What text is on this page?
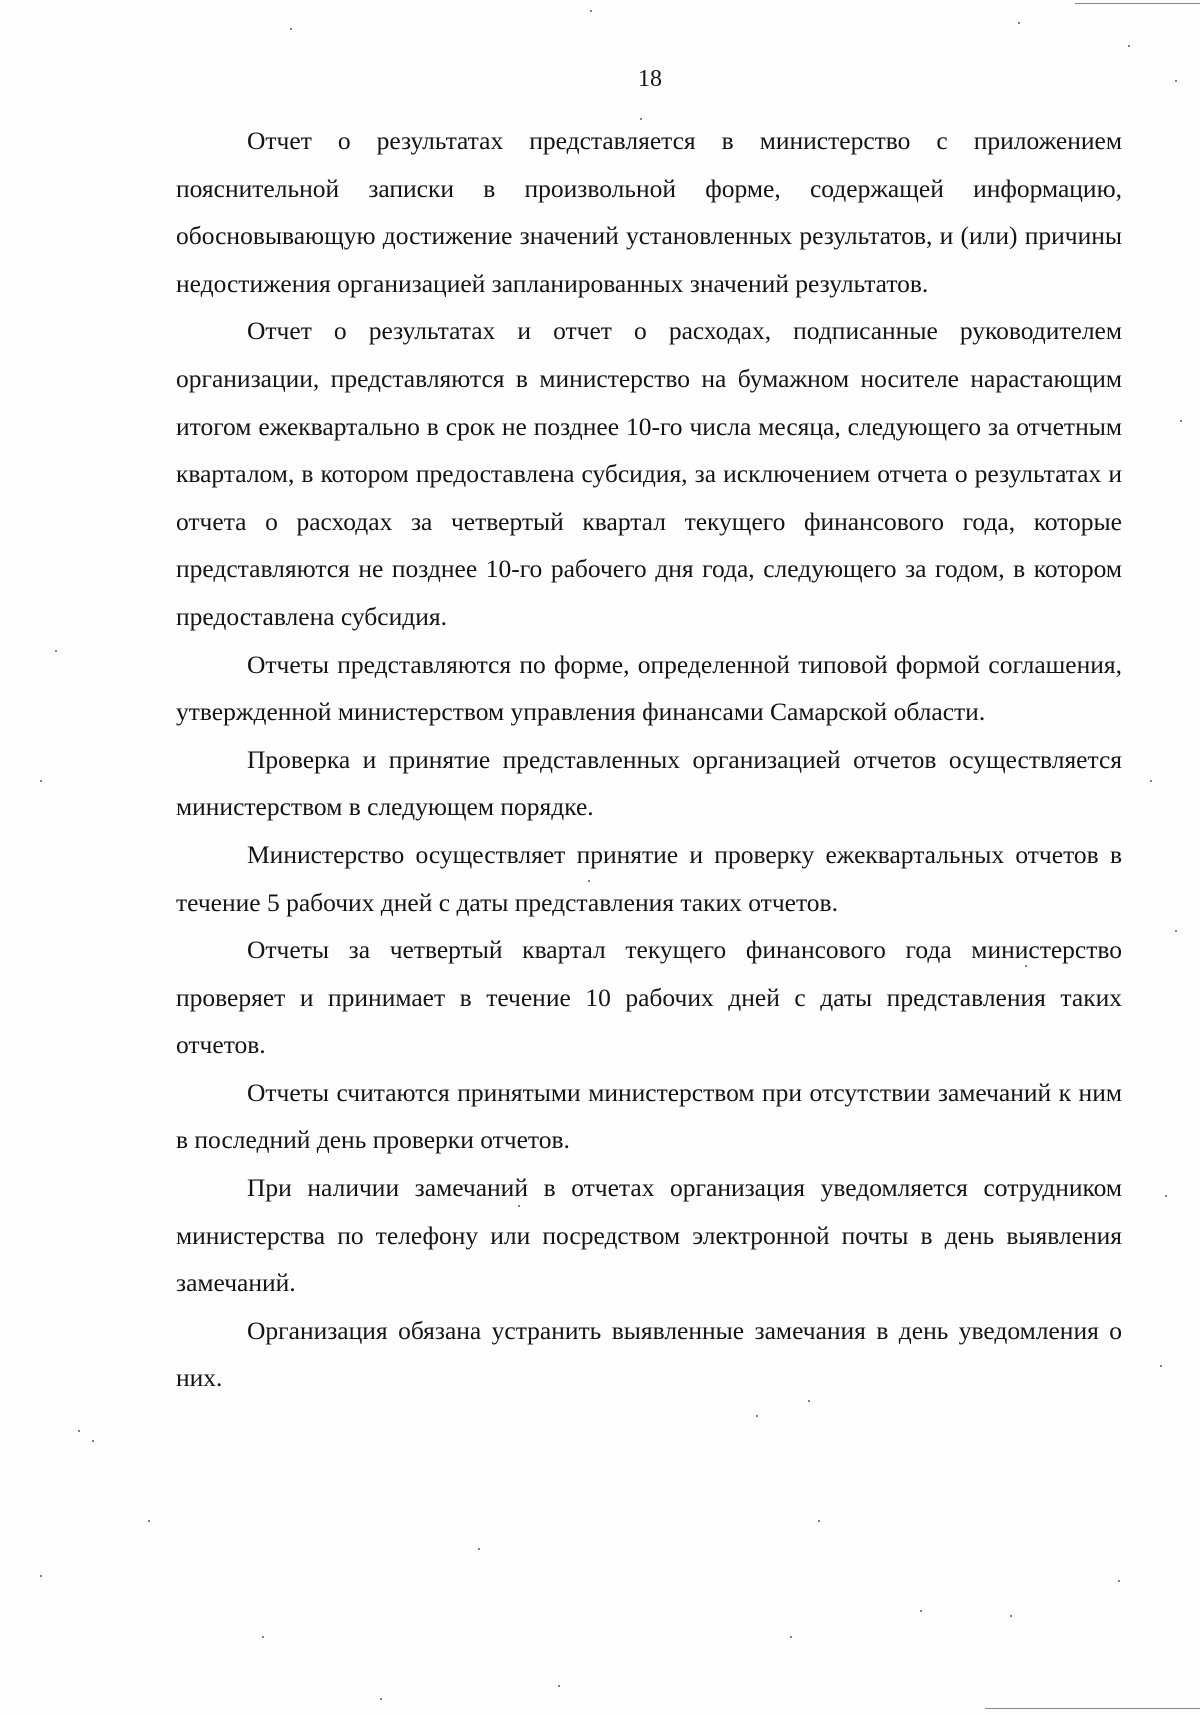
18

Отчет о результатах представляется в министерство с приложением пояснительной записки в произвольной форме, содержащей информацию, обосновывающую достижение значений установленных результатов, и (или) причины недостижения организацией запланированных значений результатов.

Отчет о результатах и отчет о расходах, подписанные руководителем организации, представляются в министерство на бумажном носителе нарастающим итогом ежеквартально в срок не позднее 10-го числа месяца, следующего за отчетным кварталом, в котором предоставлена субсидия, за исключением отчета о результатах и отчета о расходах за четвертый квартал текущего финансового года, которые представляются не позднее 10-го рабочего дня года, следующего за годом, в котором предоставлена субсидия.

Отчеты представляются по форме, определенной типовой формой соглашения, утвержденной министерством управления финансами Самарской области.

Проверка и принятие представленных организацией отчетов осуществляется министерством в следующем порядке.

Министерство осуществляет принятие и проверку ежеквартальных отчетов в течение 5 рабочих дней с даты представления таких отчетов.

Отчеты за четвертый квартал текущего финансового года министерство проверяет и принимает в течение 10 рабочих дней с даты представления таких отчетов.

Отчеты считаются принятыми министерством при отсутствии замечаний к ним в последний день проверки отчетов.

При наличии замечаний в отчетах организация уведомляется сотрудником министерства по телефону или посредством электронной почты в день выявления замечаний.

Организация обязана устранить выявленные замечания в день уведомления о них.
